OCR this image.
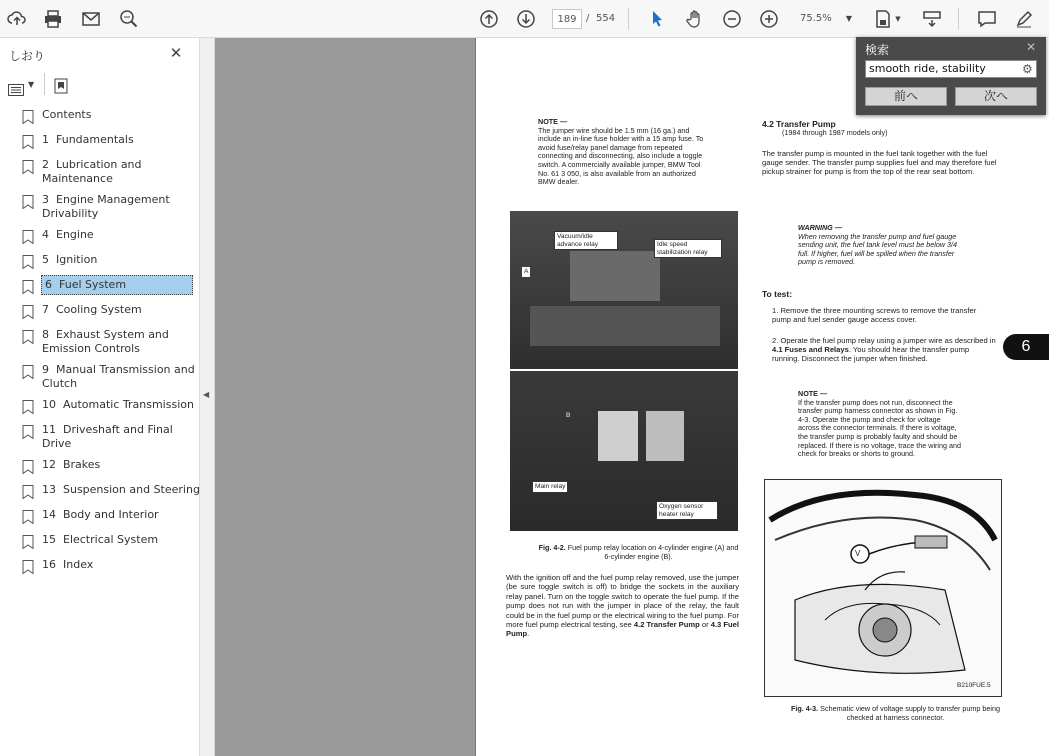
189 / 554	75.5% ▼	▼
しおり	✕
▼
Contents
1  Fundamentals
2  Lubrication and
Maintenance
3  Engine Management
Drivability
4  Engine
5  Ignition
6  Fuel System
7  Cooling System
8  Exhaust System and
Emission Controls
9  Manual Transmission and
Clutch
10  Automatic Transmission
11  Driveshaft and Final
Drive
12  Brakes
13  Suspension and Steering
14  Body and Interior
15  Electrical System
16  Index
◀
NOTE —
The jumper wire should be 1.5 mm (16 ga.) and include an in-line fuse holder with a 15 amp fuse. To avoid fuse/relay panel damage from repeated connecting and disconnecting, also include a toggle switch. A commercially available jumper, BMW Tool No. 61 3 050, is also available from an authorized BMW dealer.
Vacuum/idle advance relay	Idle speed stabilization relay
A
B
Main relay
Oxygen sensor heater relay
Fig. 4-2. Fuel pump relay location on 4-cylinder engine (A) and 6-cylinder engine (B).
With the ignition off and the fuel pump relay removed, use the jumper (be sure toggle switch is off) to bridge the sockets in the auxiliary relay panel. Turn on the toggle switch to operate the fuel pump. If the pump does not run with the jumper in place of the relay, the fault could be in the fuel pump or the electrical wiring to the fuel pump. For more fuel pump electrical testing, see 4.2 Transfer Pump or 4.3 Fuel Pump.
4.2 Transfer Pump
(1984 through 1987 models only)
The transfer pump is mounted in the fuel tank together with the fuel gauge sender. The transfer pump supplies fuel and may therefore fuel pickup strainer for pump is from the top of the rear seat bottom.
WARNING —
When removing the transfer pump and fuel gauge sending unit, the fuel tank level must be below 3/4 full. If higher, fuel will be spilled when the transfer pump is removed.
To test:
1. Remove the three mounting screws to remove the transfer pump and fuel sender gauge access cover.
2. Operate the fuel pump relay using a jumper wire as described in 4.1 Fuses and Relays. You should hear the transfer pump running. Disconnect the jumper when finished.
NOTE —
If the transfer pump does not run, disconnect the transfer pump harness connector as shown in Fig. 4-3. Operate the pump and check for voltage across the connector terminals. If there is voltage, the transfer pump is probably faulty and should be replaced. If there is no voltage, trace the wiring and check for breaks or shorts to ground.
V
B210FUE.5
Fig. 4-3. Schematic view of voltage supply to transfer pump being checked at harness connector.
6
検索	✕
smooth ride, stability	⚙
前へ	次へ
